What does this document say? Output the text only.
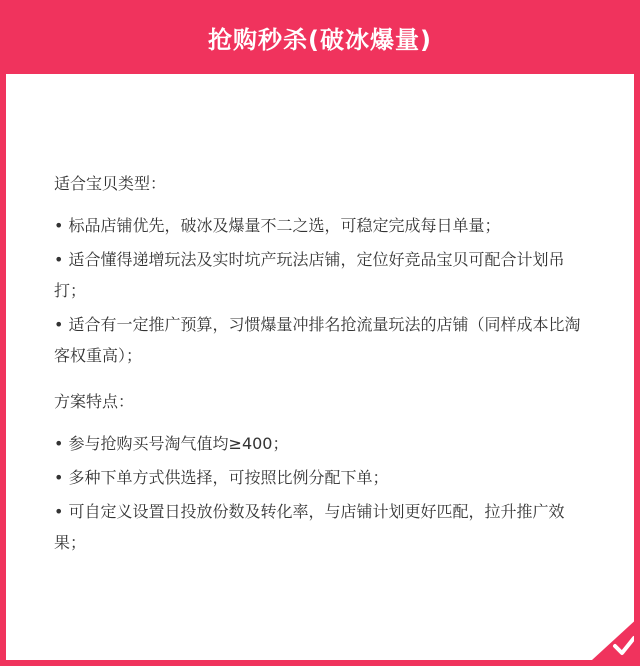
抢购秒杀(破冰爆量)
适合宝贝类型：
• 标品店铺优先，破冰及爆量不二之选，可稳定完成每日单量；
• 适合懂得递增玩法及实时坑产玩法店铺，定位好竞品宝贝可配合计划吊打；
• 适合有一定推广预算，习惯爆量冲排名抢流量玩法的店铺（同样成本比淘客权重高）；
方案特点：
• 参与抢购买号淘气值均≥400；
• 多种下单方式供选择，可按照比例分配下单；
• 可自定义设置日投放份数及转化率，与店铺计划更好匹配，拉升推广效果；
